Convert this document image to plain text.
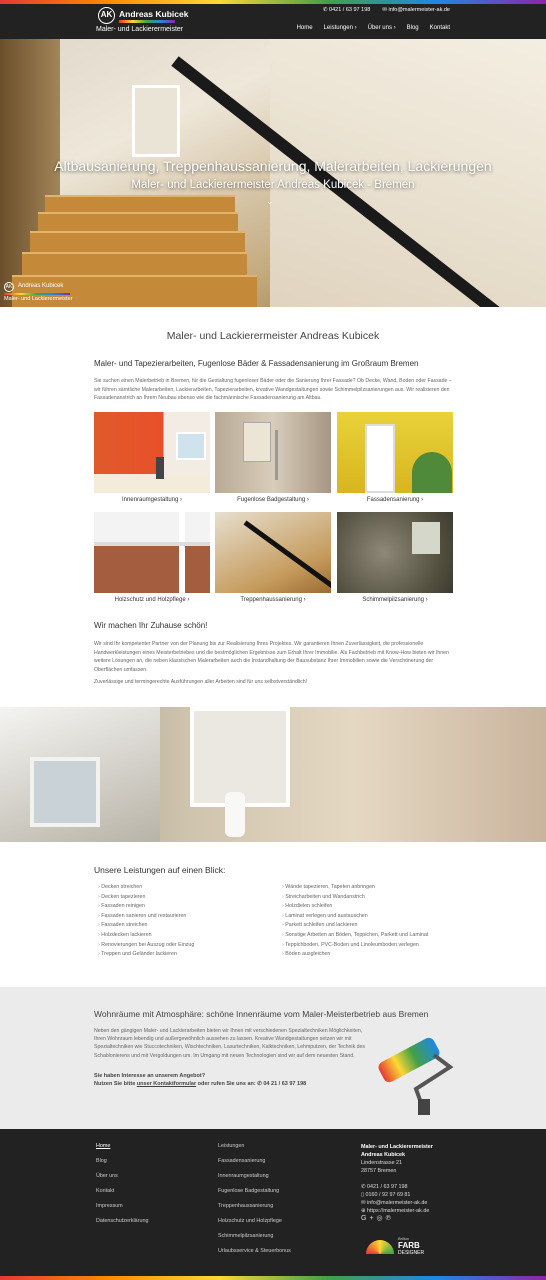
Altbausanierung, Treppenhaussanierung, Malerarbeiten, Lackierungen
Maler- und Lackierermeister Andreas Kubicek - Bremen
⌄
AK Andreas Kubicek
Maler- und Lackierermeister
AK Andreas Kubicek
Maler- und Lackierermeister
✆ 0421 / 63 97 198 ✉ info@malermeister-ak.de
Home Leistungen › Über uns › Blog Kontakt
Maler- und Lackierermeister Andreas Kubicek
Maler- und Tapezierarbeiten, Fugenlose Bäder & Fassadensanierung im Großraum Bremen
Sie suchen einen Malerbetrieb in Bremen, für die Gestaltung fugenloser Bäder oder die Sanierung Ihrer Fassade? Ob Decke, Wand, Boden oder Fassade – wir führen sämtliche Malerarbeiten, Lackierarbeiten, Tapezierarbeiten, kreative Wandgestaltungen sowie Schimmelpilzsanierungen aus. Wir realisieren den Fassadenanstrich an Ihrem Neubau ebenso wie die fachmännische Fassadensanierung am Altbau.
Innenraumgestaltung ›	Fugenlose Badgestaltung ›	Fassadensanierung ›
Holzschutz und Holzpflege ›	Treppenhaussanierung ›	Schimmelpilzsanierung ›
Wir machen Ihr Zuhause schön!
Wir sind Ihr kompetenter Partner von der Planung bis zur Realisierung Ihres Projektes. Wir garantieren Ihnen Zuverlässigkeit, die professionelle Handwerkleistungen eines Meisterbetriebes und die bestmöglichen Ergebnisse zum Erhalt Ihrer Immobilie. Als Fachbetrieb mit Know-How bieten wir Ihnen weitere Lösungen an, die neben klassischen Malerarbeiten auch die Instandhaltung der Bausubstanz Ihrer Immobilien sowie die Verschönerung der Oberflächen umfassen.
Zuverlässige und termingerechte Ausführungen aller Arbeiten sind für uns selbstverständlich!
Unsere Leistungen auf einen Blick:
› Decken streichen
› Decken tapezieren
› Fassaden reinigen
› Fassaden sanieren und restaurieren
› Fassaden streichen
› Holzdecken lackieren
› Renovierungen bei Auszug oder Einzug
› Treppen und Geländer lackieren
› Wände tapezieren, Tapeten anbringen
› Streicharbeiten und Wandanstrich
› Holzdielen schleifen
› Laminat verlegen und austauschen
› Parkett schleifen und lackieren
› Sonstige Arbeiten an Böden, Teppichen, Parkett und Laminat
› Teppichboden, PVC-Boden und Linoleumboden verlegen
› Böden ausgleichen
Wohnräume mit Atmosphäre: schöne Innenräume vom Maler-Meisterbetrieb aus Bremen
Neben den gängigen Maler- und Lackierarbeiten bieten wir Ihnen mit verschiedenen Spezialtechniken Möglichkeiten, Ihren Wohnraum lebendig und außergewöhnlich aussehen zu lassen. Kreative Wandgestaltungen setzen wir mit Spezialtechniken wie Stuccotechniken, Wischtechniken, Lasurtechniken, Kalktechniken, Lehmputzen, der Technik des Schablonierens und mit Vergoldungen um. Im Umgang mit neuen Technologien sind wir auf dem neuesten Stand.
Sie haben Interesse an unserem Angebot?
Nutzen Sie bitte unser Kontaktformular oder rufen Sie uns an: ✆ 04 21 / 63 97 198
Home
Blog
Über uns
Kontakt
Impressum
Datenschutzerklärung
Leistungen
Fassadensanierung
Innenraumgestaltung
Fugenlose Badgestaltung
Treppenhaussanierung
Holzschutz und Holzpflege
Schimmelpilzsanierung
Urlaubsservice & Steuerbonus
Maler- und Lackierermeister
Andreas Kubicek
Lindenstrasse 21
28757 Bremen

✆ 0421 / 63 97 198
▯ 0160 / 92 97 69 81
✉ info@malermeister-ak.de
⊕ https://malermeister-ak.de
G+◎℗
Brillux
FARB
DESIGNER
